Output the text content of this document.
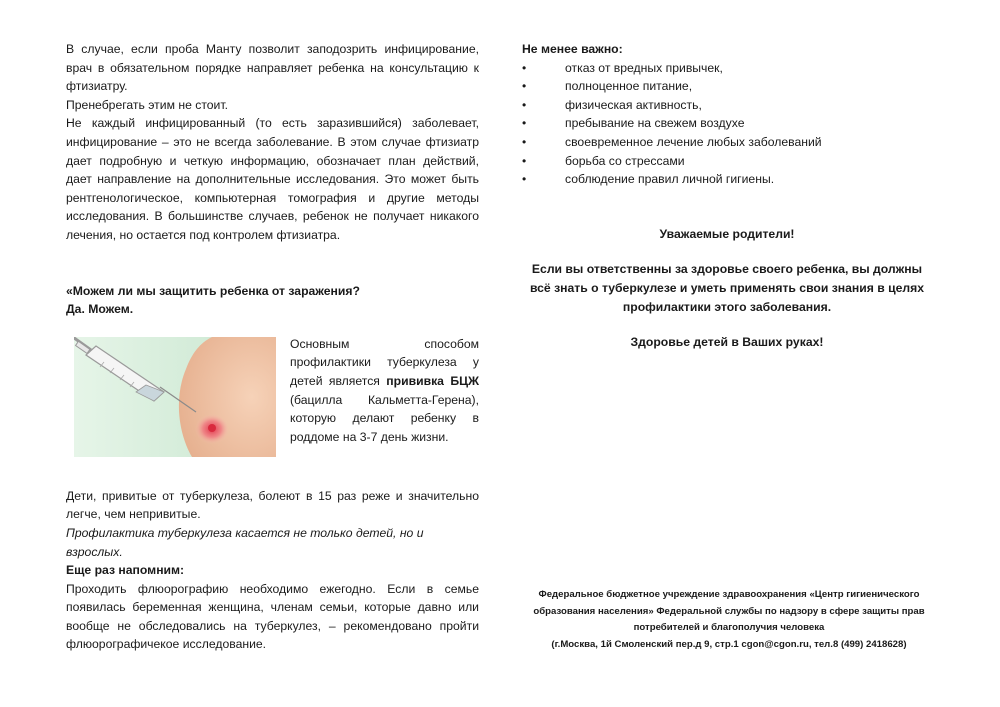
В случае, если проба Манту позволит заподозрить инфицирование, врач в обязательном порядке направляет ребенка на консультацию к фтизиатру.

Пренебрегать этим не стоит.

Не каждый инфицированный (то есть заразившийся) заболевает, инфицирование – это не всегда заболевание. В этом случае фтизиатр дает подробную и четкую информацию, обозначает план действий, дает направление на дополнительные исследования. Это может быть рентгенологическое, компьютерная томография и другие методы исследования. В большинстве случаев, ребенок не получает никакого лечения, но остается под контролем фтизиатра.

«Можем ли мы защитить ребенка от заражения?

Да. Можем.

Основным способом профилактики туберкулеза у детей является прививка БЦЖ (бацилла Кальметта-Герена), которую делают ребенку в роддоме на 3-7 день жизни.

Дети, привитые от туберкулеза, болеют в 15 раз реже и значительно легче, чем непривитые.

Профилактика туберкулеза касается не только детей, но и взрослых.

Еще раз напомним:

Проходить флюорографию необходимо ежегодно. Если в семье появилась беременная женщина, членам семьи, которые давно или вообще не обследовались на туберкулез, – рекомендовано пройти флюорографичекое исследование.

Не менее важно:

•	отказ от вредных привычек,
•	полноценное питание,
•	физическая активность,
•	пребывание на свежем воздухе
•	своевременное лечение любых заболеваний
•	борьба со стрессами
•	соблюдение правил личной гигиены.

Уважаемые родители!

Если вы ответственны за здоровье своего ребенка, вы должны всё знать о туберкулезе и уметь применять свои знания в целях профилактики этого заболевания.

Здоровье детей в Ваших руках!

Федеральное бюджетное учреждение здравоохранения «Центр гигиенического образования населения» Федеральной службы по надзору в сфере защиты прав потребителей и благополучия человека

(г.Москва, 1й Смоленский пер.д 9, стр.1 cgon@cgon.ru, тел.8 (499) 2418628)
